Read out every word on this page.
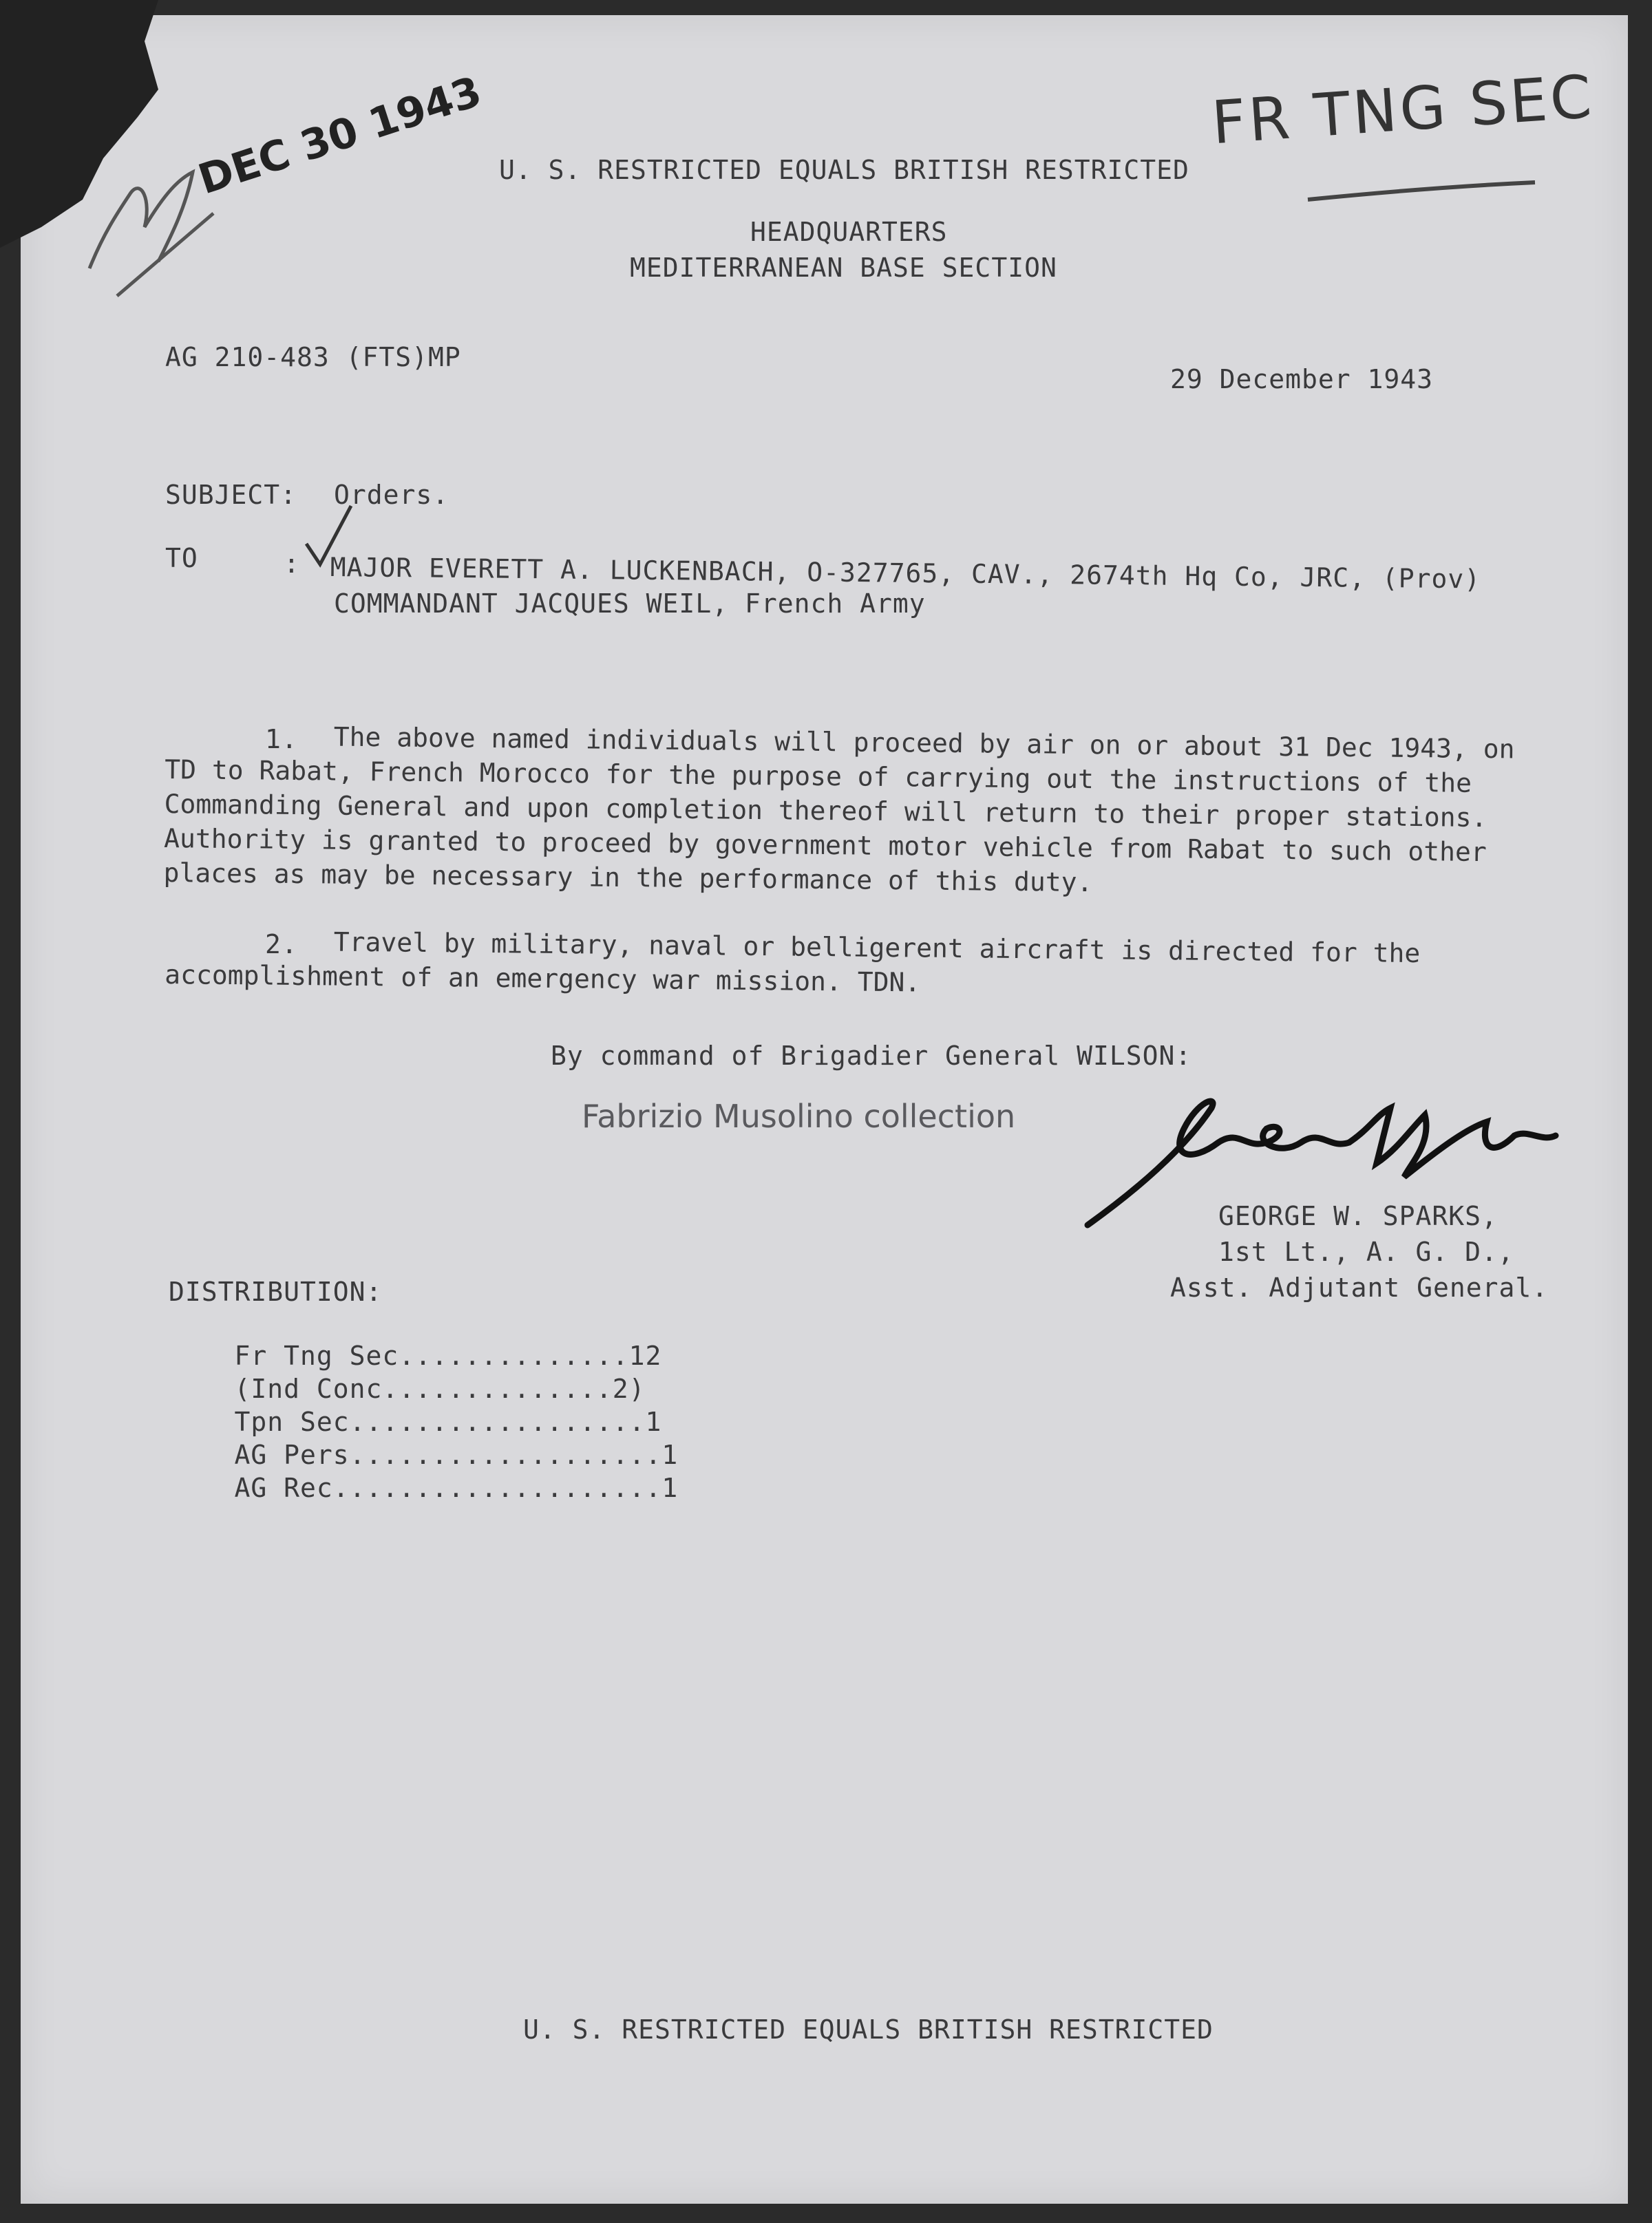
DEC 30 1943	FR TNG SEC
U. S. RESTRICTED EQUALS BRITISH RESTRICTED
HEADQUARTERS
MEDITERRANEAN BASE SECTION
AG 210-483 (FTS)MP
29 December 1943
SUBJECT: Orders.
TO	: MAJOR EVERETT A. LUCKENBACH, O-327765, CAV., 2674th Hq Co, JRC, (Prov)
COMMANDANT JACQUES WEIL, French Army
1.	The above named individuals will proceed by air on or about 31 Dec 1943, on TD to Rabat, French Morocco for the purpose of carrying out the instructions of the Commanding General and upon completion thereof will return to their proper stations. Authority is granted to proceed by government motor vehicle from Rabat to such other places as may be necessary in the performance of this duty.
2.	Travel by military, naval or belligerent aircraft is directed for the accomplishment of an emergency war mission. TDN.
By command of Brigadier General WILSON:
Fabrizio Musolino collection
GEORGE W. SPARKS,
1st Lt., A. G. D.,
Asst. Adjutant General.
DISTRIBUTION:

Fr Tng Sec..............12

(Ind Conc..............2)

Tpn Sec..................1

AG Pers...................1

AG Rec....................1

U. S. RESTRICTED EQUALS BRITISH RESTRICTED
